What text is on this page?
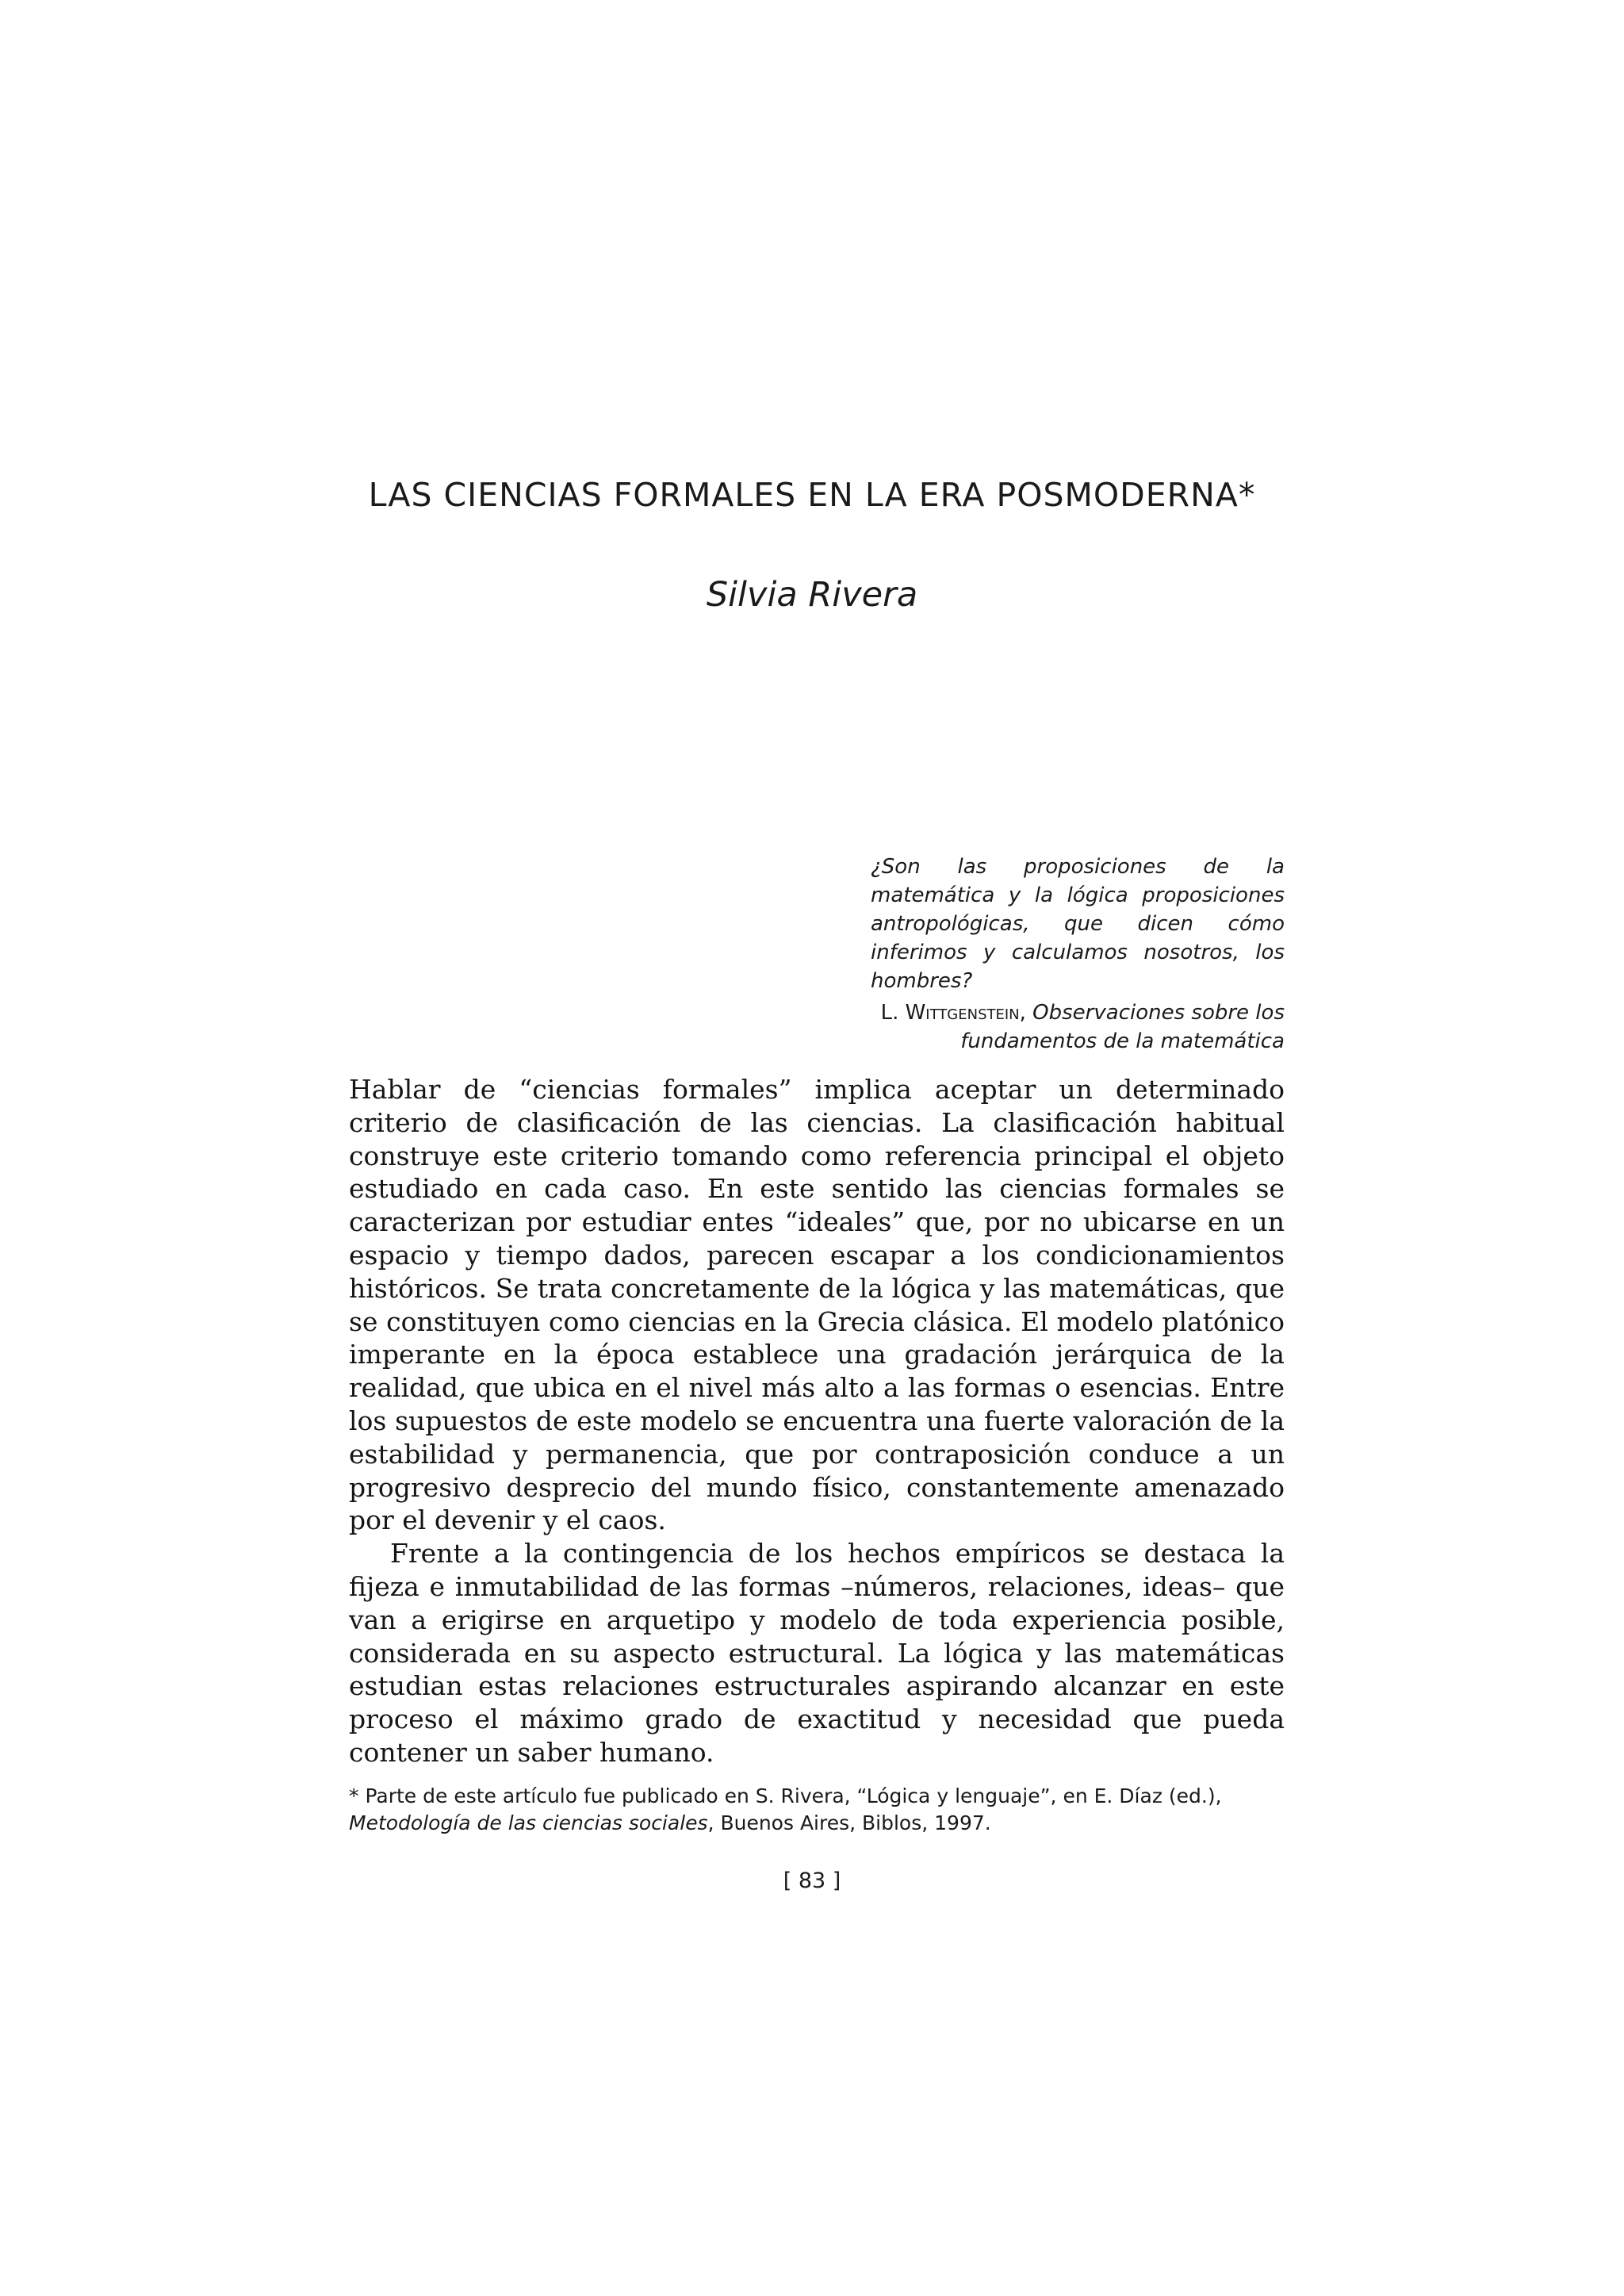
LAS CIENCIAS FORMALES EN LA ERA POSMODERNA*
Silvia Rivera

¿Son las proposiciones de la matemática y la lógica proposiciones antropológicas, que dicen cómo inferimos y calculamos nosotros, los hombres?

L. Wittgenstein, Observaciones sobre los fundamentos de la matemática

Hablar de “ciencias formales” implica aceptar un determinado criterio de clasificación de las ciencias. La clasificación habitual construye este criterio tomando como referencia principal el objeto estudiado en cada caso. En este sentido las ciencias formales se caracterizan por estudiar entes “ideales” que, por no ubicarse en un espacio y tiempo dados, parecen escapar a los condicionamientos históricos. Se trata concretamente de la lógica y las matemáticas, que se constituyen como ciencias en la Grecia clásica. El modelo platónico imperante en la época establece una gradación jerárquica de la realidad, que ubica en el nivel más alto a las formas o esencias. Entre los supuestos de este modelo se encuentra una fuerte valoración de la estabilidad y permanencia, que por contraposición conduce a un progresivo desprecio del mundo físico, constantemente amenazado por el devenir y el caos.

Frente a la contingencia de los hechos empíricos se destaca la fijeza e inmutabilidad de las formas –números, relaciones, ideas– que van a erigirse en arquetipo y modelo de toda experiencia posible, considerada en su aspecto estructural. La lógica y las matemáticas estudian estas relaciones estructurales aspirando alcanzar en este proceso el máximo grado de exactitud y necesidad que pueda contener un saber humano.

* Parte de este artículo fue publicado en S. Rivera, “Lógica y lenguaje”, en E. Díaz (ed.), Metodología de las ciencias sociales, Buenos Aires, Biblos, 1997.

[ 83 ]
